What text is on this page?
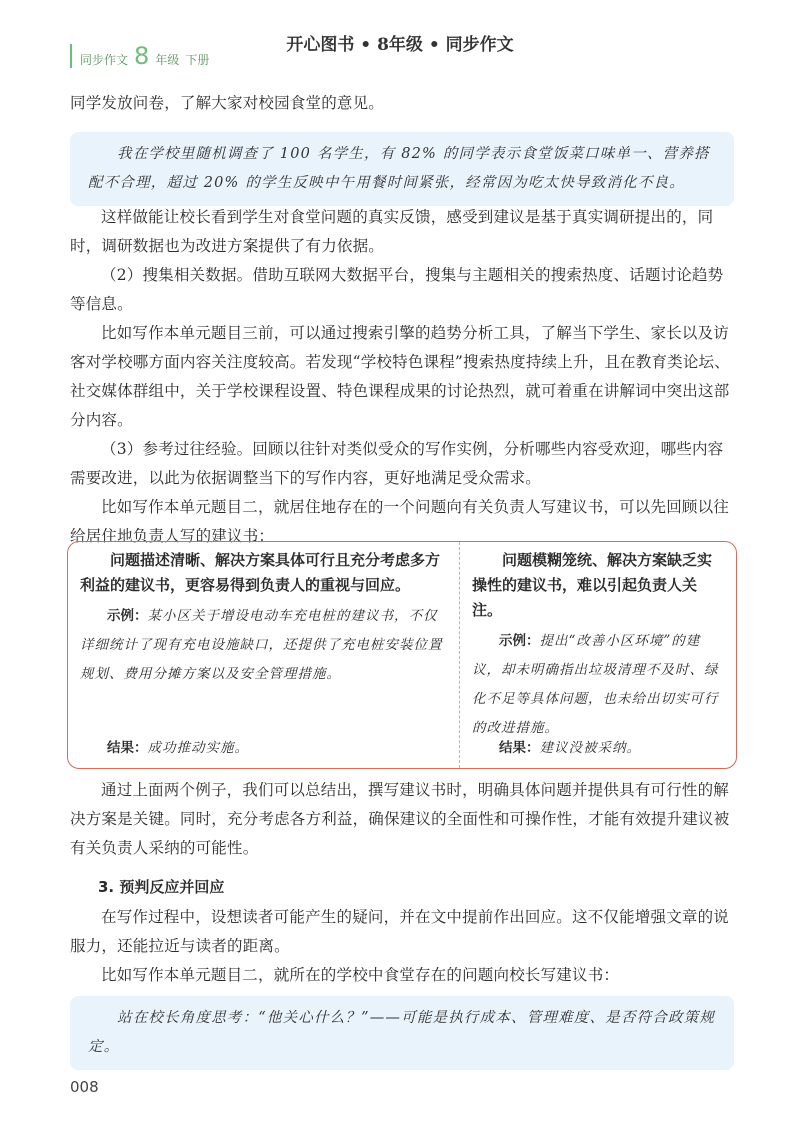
同步作文 8 年级 下册
开心图书 • 8年级 • 同步作文

同学发放问卷，了解大家对校园食堂的意见。

我在学校里随机调查了 100 名学生，有 82% 的同学表示食堂饭菜口味单一、营养搭配不合理，超过 20% 的学生反映中午用餐时间紧张，经常因为吃太快导致消化不良。

这样做能让校长看到学生对食堂问题的真实反馈，感受到建议是基于真实调研提出的，同时，调研数据也为改进方案提供了有力依据。

（2）搜集相关数据。借助互联网大数据平台，搜集与主题相关的搜索热度、话题讨论趋势等信息。

比如写作本单元题目三前，可以通过搜索引擎的趋势分析工具，了解当下学生、家长以及访客对学校哪方面内容关注度较高。若发现“学校特色课程”搜索热度持续上升，且在教育类论坛、社交媒体群组中，关于学校课程设置、特色课程成果的讨论热烈，就可着重在讲解词中突出这部分内容。

（3）参考过往经验。回顾以往针对类似受众的写作实例，分析哪些内容受欢迎，哪些内容需要改进，以此为依据调整当下的写作内容，更好地满足受众需求。

比如写作本单元题目二，就居住地存在的一个问题向有关负责人写建议书，可以先回顾以往给居住地负责人写的建议书：

问题描述清晰、解决方案具体可行且充分考虑多方利益的建议书，更容易得到负责人的重视与回应。

示例：某小区关于增设电动车充电桩的建议书，不仅详细统计了现有充电设施缺口，还提供了充电桩安装位置规划、费用分摊方案以及安全管理措施。

结果：成功推动实施。

问题模糊笼统、解决方案缺乏实操性的建议书，难以引起负责人关注。

示例：提出“改善小区环境”的建议，却未明确指出垃圾清理不及时、绿化不足等具体问题，也未给出切实可行的改进措施。

结果：建议没被采纳。

通过上面两个例子，我们可以总结出，撰写建议书时，明确具体问题并提供具有可行性的解决方案是关键。同时，充分考虑各方利益，确保建议的全面性和可操作性，才能有效提升建议被有关负责人采纳的可能性。

3. 预判反应并回应

在写作过程中，设想读者可能产生的疑问，并在文中提前作出回应。这不仅能增强文章的说服力，还能拉近与读者的距离。

比如写作本单元题目二，就所在的学校中食堂存在的问题向校长写建议书：

站在校长角度思考：“他关心什么？”——可能是执行成本、管理难度、是否符合政策规定。
008
